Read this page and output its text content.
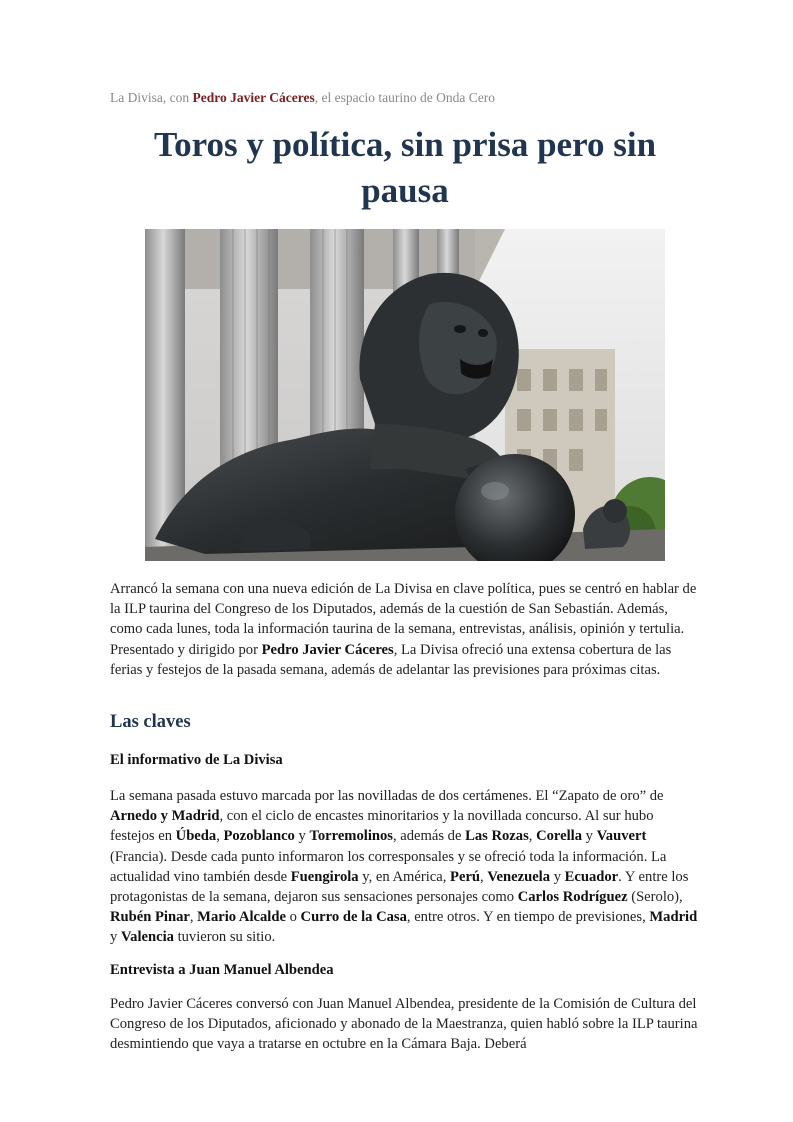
La Divisa, con Pedro Javier Cáceres, el espacio taurino de Onda Cero
Toros y política, sin prisa pero sin pausa

Arrancó la semana con una nueva edición de La Divisa en clave política, pues se centró en hablar de la ILP taurina del Congreso de los Diputados, además de la cuestión de San Sebastián. Además, como cada lunes, toda la información taurina de la semana, entrevistas, análisis, opinión y tertulia. Presentado y dirigido por Pedro Javier Cáceres, La Divisa ofreció una extensa cobertura de las ferias y festejos de la pasada semana, además de adelantar las previsiones para próximas citas.

Las claves
El informativo de La Divisa

La semana pasada estuvo marcada por las novilladas de dos certámenes. El “Zapato de oro” de Arnedo y Madrid, con el ciclo de encastes minoritarios y la novillada concurso. Al sur hubo festejos en Úbeda, Pozoblanco y Torremolinos, además de Las Rozas, Corella y Vauvert (Francia). Desde cada punto informaron los corresponsales y se ofreció toda la información. La actualidad vino también desde Fuengirola y, en América, Perú, Venezuela y Ecuador. Y entre los protagonistas de la semana, dejaron sus sensaciones personajes como Carlos Rodríguez (Serolo), Rubén Pinar, Mario Alcalde o Curro de la Casa, entre otros. Y en tiempo de previsiones, Madrid y Valencia tuvieron su sitio.

Entrevista a Juan Manuel Albendea

Pedro Javier Cáceres conversó con Juan Manuel Albendea, presidente de la Comisión de Cultura del Congreso de los Diputados, aficionado y abonado de la Maestranza, quien habló sobre la ILP taurina desmintiendo que vaya a tratarse en octubre en la Cámara Baja. Deberá
